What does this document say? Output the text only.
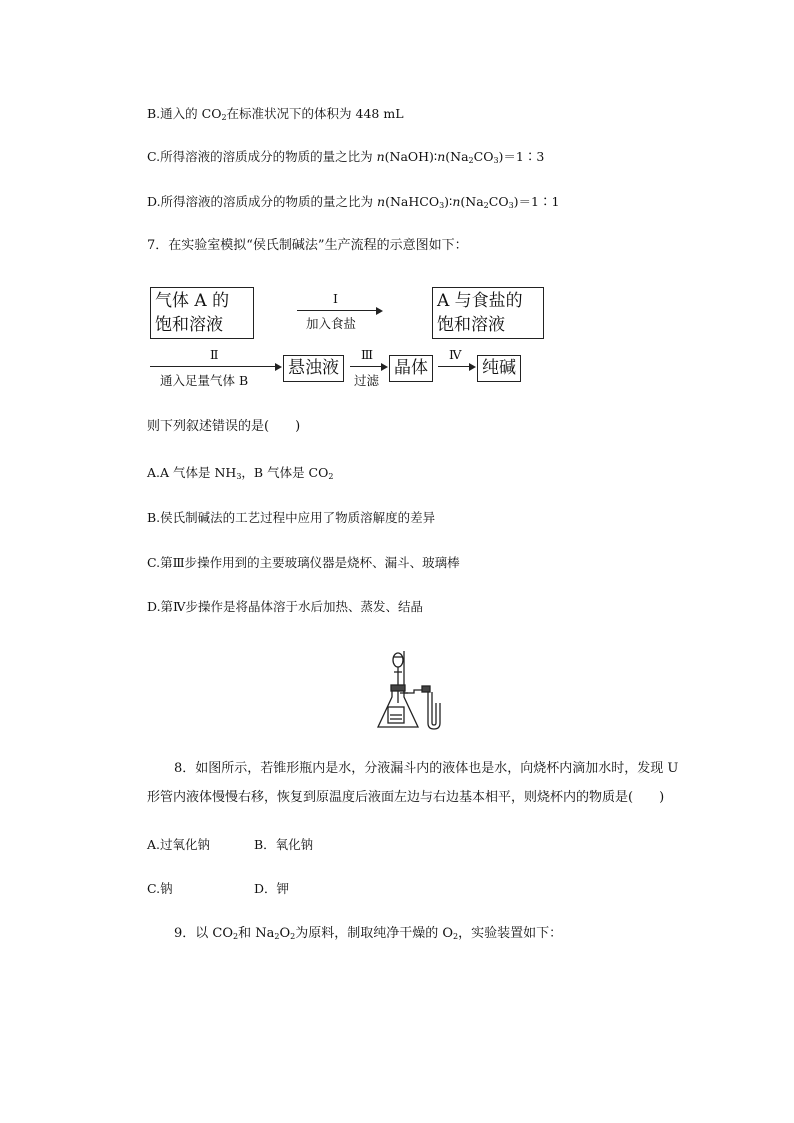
B.通入的 $CO_2$在标准状况下的体积为 448 mL
C.所得溶液的溶质成分的物质的量之比为 $n(NaOH)∶n(Na_2CO_3)=1∶3$
D.所得溶液的溶质成分的物质的量之比为 $n(NaHCO_3)∶n(Na_2CO_3)=1∶1$
7．在实验室模拟“侯氏制碱法”生产流程的示意图如下：
气体 A 的
饱和溶液
Ⅰ
加入食盐
A 与食盐的
饱和溶液
Ⅱ
通入足量气体 B
悬浊液
Ⅲ
过滤
晶体
Ⅳ
纯碱
则下列叙述错误的是(　　)
A.A 气体是 $NH_3$，B 气体是 $CO_2$
B.侯氏制碱法的工艺过程中应用了物质溶解度的差异
C.第Ⅲ步操作用到的主要玻璃仪器是烧杯、漏斗、玻璃棒
D.第Ⅳ步操作是将晶体溶于水后加热、蒸发、结晶
8．如图所示，若锥形瓶内是水，分液漏斗内的液体也是水，向烧杯内滴加水时，发现 U
形管内液体慢慢右移，恢复到原温度后液面左边与右边基本相平，则烧杯内的物质是(　　)
A.过氧化钠	B．氧化钠
C.钠	D．钾
9．以 $CO_2$和 $Na_2O_2$为原料，制取纯净干燥的 $O_2$，实验装置如下：
